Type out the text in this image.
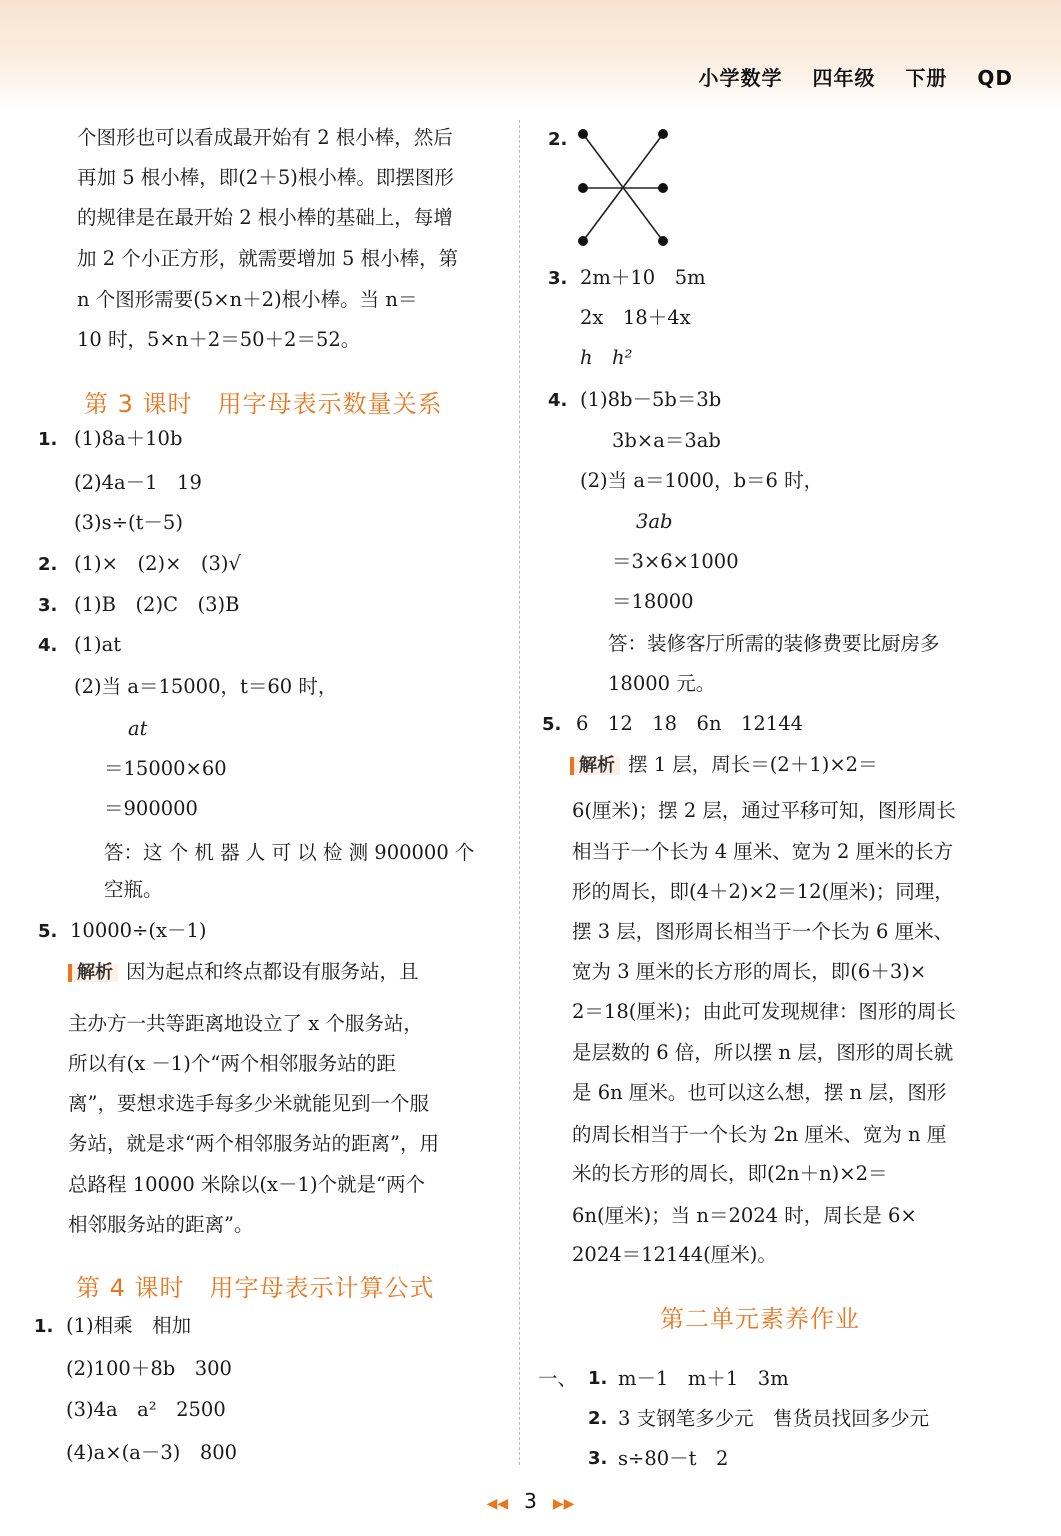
小学数学 四年级 下册 QD
个图形也可以看成最开始有 2 根小棒，然后
再加 5 根小棒，即(2＋5)根小棒。即摆图形
的规律是在最开始 2 根小棒的基础上，每增
加 2 个小正方形，就需要增加 5 根小棒，第
n 个图形需要(5×n＋2)根小棒。当 n＝
10 时，5×n＋2＝50＋2＝52。
第 3 课时　用字母表示数量关系
1. (1)8a＋10b
(2)4a－1　19
(3)s÷(t－5)
2. (1)×　(2)×　(3)√
3. (1)B　(2)C　(3)B
4. (1)at
(2)当 a＝15000，t＝60 时，
at
＝15000×60
＝900000
答：这 个 机 器 人 可 以 检 测 900000 个
空瓶。
5. 10000÷(x－1)
解析 因为起点和终点都设有服务站，且
主办方一共等距离地设立了 x 个服务站，
所以有(x －1)个“两个相邻服务站的距
离”，要想求选手每多少米就能见到一个服
务站，就是求“两个相邻服务站的距离”，用
总路程 10000 米除以(x－1)个就是“两个
相邻服务站的距离”。
第 4 课时　用字母表示计算公式
1. (1)相乘　相加
(2)100＋8b　300
(3)4a　a²　2500
(4)a×(a－3)　800
2.
3. 2m＋10　5m
2x　18＋4x
h　h²
4. (1)8b－5b＝3b
3b×a＝3ab
(2)当 a＝1000，b＝6 时，
3ab
＝3×6×1000
＝18000
答：装修客厅所需的装修费要比厨房多
18000 元。
5. 6　12　18　6n　12144
解析 摆 1 层，周长＝(2＋1)×2＝
6(厘米)；摆 2 层，通过平移可知，图形周长
相当于一个长为 4 厘米、宽为 2 厘米的长方
形的周长，即(4＋2)×2＝12(厘米)；同理，
摆 3 层，图形周长相当于一个长为 6 厘米、
宽为 3 厘米的长方形的周长，即(6＋3)×
2＝18(厘米)；由此可发现规律：图形的周长
是层数的 6 倍，所以摆 n 层，图形的周长就
是 6n 厘米。也可以这么想，摆 n 层，图形
的周长相当于一个长为 2n 厘米、宽为 n 厘
米的长方形的周长，即(2n＋n)×2＝
6n(厘米)；当 n＝2024 时，周长是 6×
2024＝12144(厘米)。
第二单元素养作业
一、 1. m－1　m＋1　3m
2. 3 支钢笔多少元　售货员找回多少元
3. s÷80－t　2
◀◀ 3 ▶▶
